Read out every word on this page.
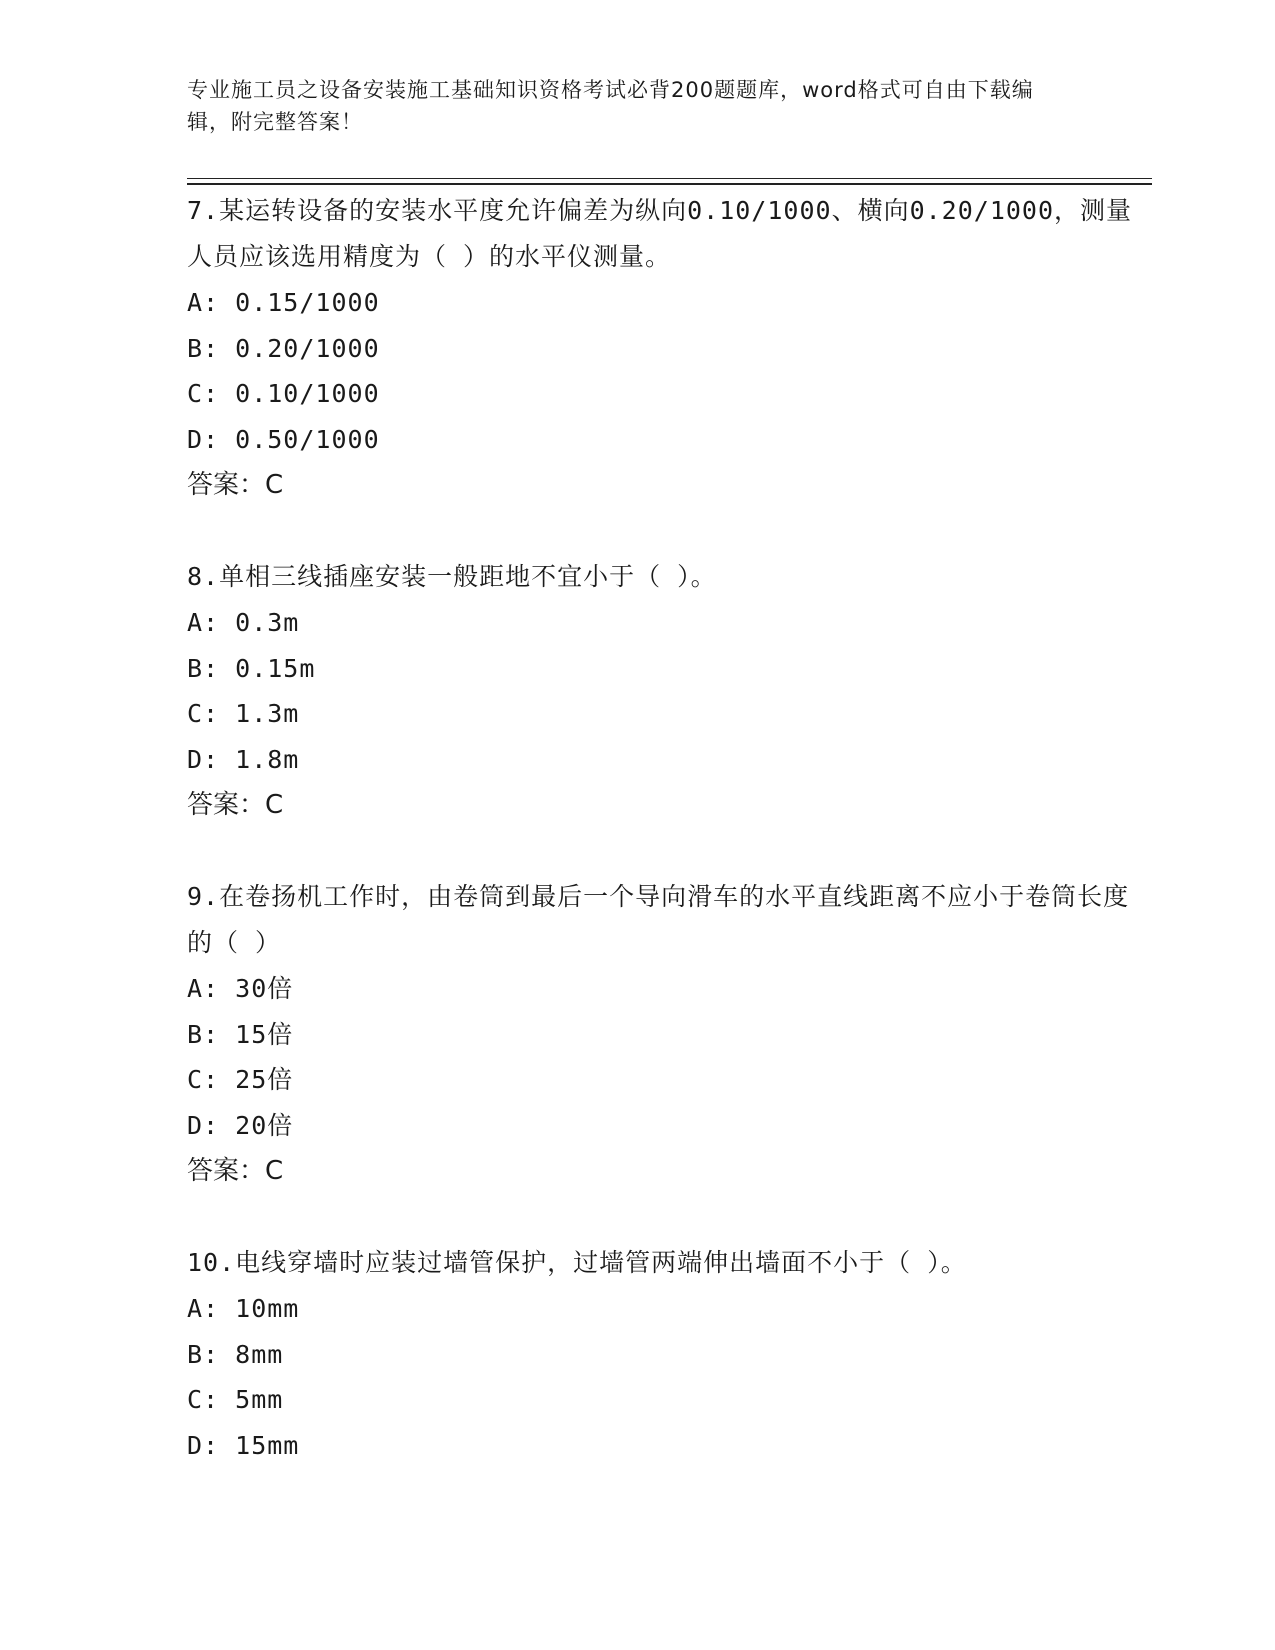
专业施工员之设备安装施工基础知识资格考试必背200题题库，word格式可自由下载编辑，附完整答案！
7.某运转设备的安装水平度允许偏差为纵向0.10/1000、横向0.20/1000，测量人员应该选用精度为（ ）的水平仪测量。
A: 0.15/1000
B: 0.20/1000
C: 0.10/1000
D: 0.50/1000
答案：C
8.单相三线插座安装一般距地不宜小于（ ）。
A: 0.3m
B: 0.15m
C: 1.3m
D: 1.8m
答案：C
9.在卷扬机工作时，由卷筒到最后一个导向滑车的水平直线距离不应小于卷筒长度的（ ）
A: 30倍
B: 15倍
C: 25倍
D: 20倍
答案：C
10.电线穿墙时应装过墙管保护，过墙管两端伸出墙面不小于（ ）。
A: 10mm
B: 8mm
C: 5mm
D: 15mm
